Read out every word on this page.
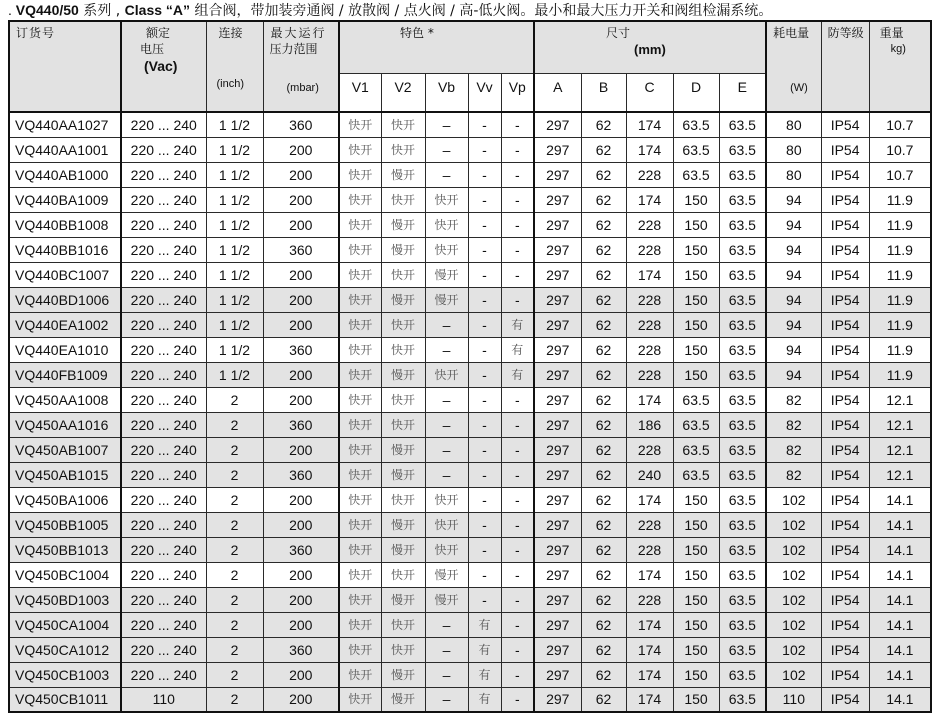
. VQ440/50 系列 , Class “A” 组合阀，带加装旁通阀 / 放散阀 / 点火阀 / 高-低火阀。最小和最大压力开关和阀组检漏系统。
订货号	额定
电压
(Vac)	连接
(inch)	最大运行
压力范围
(mbar)	特色 *					尺寸
(mm)					耗电量
(W)	防等级	重量
kg)

				V1	V2	Vb	Vv	Vp	A	B	C	D	E			
VQ440AA1027	220 ... 240	1 1/2	360	快开	快开	–	-	-	297	62	174	63.5	63.5	80	IP54	10.7
VQ440AA1001	220 ... 240	1 1/2	200	快开	快开	–	-	-	297	62	174	63.5	63.5	80	IP54	10.7
VQ440AB1000	220 ... 240	1 1/2	200	快开	慢开	–	-	-	297	62	228	63.5	63.5	80	IP54	10.7
VQ440BA1009	220 ... 240	1 1/2	200	快开	快开	快开	-	-	297	62	174	150	63.5	94	IP54	11.9
VQ440BB1008	220 ... 240	1 1/2	200	快开	慢开	快开	-	-	297	62	228	150	63.5	94	IP54	11.9
VQ440BB1016	220 ... 240	1 1/2	360	快开	慢开	快开	-	-	297	62	228	150	63.5	94	IP54	11.9
VQ440BC1007	220 ... 240	1 1/2	200	快开	快开	慢开	-	-	297	62	174	150	63.5	94	IP54	11.9
VQ440BD1006	220 ... 240	1 1/2	200	快开	慢开	慢开	-	-	297	62	228	150	63.5	94	IP54	11.9
VQ440EA1002	220 ... 240	1 1/2	200	快开	快开	–	-	有	297	62	228	150	63.5	94	IP54	11.9
VQ440EA1010	220 ... 240	1 1/2	360	快开	快开	–	-	有	297	62	228	150	63.5	94	IP54	11.9
VQ440FB1009	220 ... 240	1 1/2	200	快开	慢开	快开	-	有	297	62	228	150	63.5	94	IP54	11.9
VQ450AA1008	220 ... 240	2	200	快开	快开	–	-	-	297	62	174	63.5	63.5	82	IP54	12.1
VQ450AA1016	220 ... 240	2	360	快开	快开	–	-	-	297	62	186	63.5	63.5	82	IP54	12.1
VQ450AB1007	220 ... 240	2	200	快开	慢开	–	-	-	297	62	228	63.5	63.5	82	IP54	12.1
VQ450AB1015	220 ... 240	2	360	快开	慢开	–	-	-	297	62	240	63.5	63.5	82	IP54	12.1
VQ450BA1006	220 ... 240	2	200	快开	快开	快开	-	-	297	62	174	150	63.5	102	IP54	14.1
VQ450BB1005	220 ... 240	2	200	快开	慢开	快开	-	-	297	62	228	150	63.5	102	IP54	14.1
VQ450BB1013	220 ... 240	2	360	快开	慢开	快开	-	-	297	62	228	150	63.5	102	IP54	14.1
VQ450BC1004	220 ... 240	2	200	快开	快开	慢开	-	-	297	62	174	150	63.5	102	IP54	14.1
VQ450BD1003	220 ... 240	2	200	快开	慢开	慢开	-	-	297	62	228	150	63.5	102	IP54	14.1
VQ450CA1004	220 ... 240	2	200	快开	快开	–	有	-	297	62	174	150	63.5	102	IP54	14.1
VQ450CA1012	220 ... 240	2	360	快开	快开	–	有	-	297	62	174	150	63.5	102	IP54	14.1
VQ450CB1003	220 ... 240	2	200	快开	慢开	–	有	-	297	62	174	150	63.5	102	IP54	14.1
VQ450CB1011	110	2	200	快开	慢开	–	有	-	297	62	174	150	63.5	110	IP54	14.1
